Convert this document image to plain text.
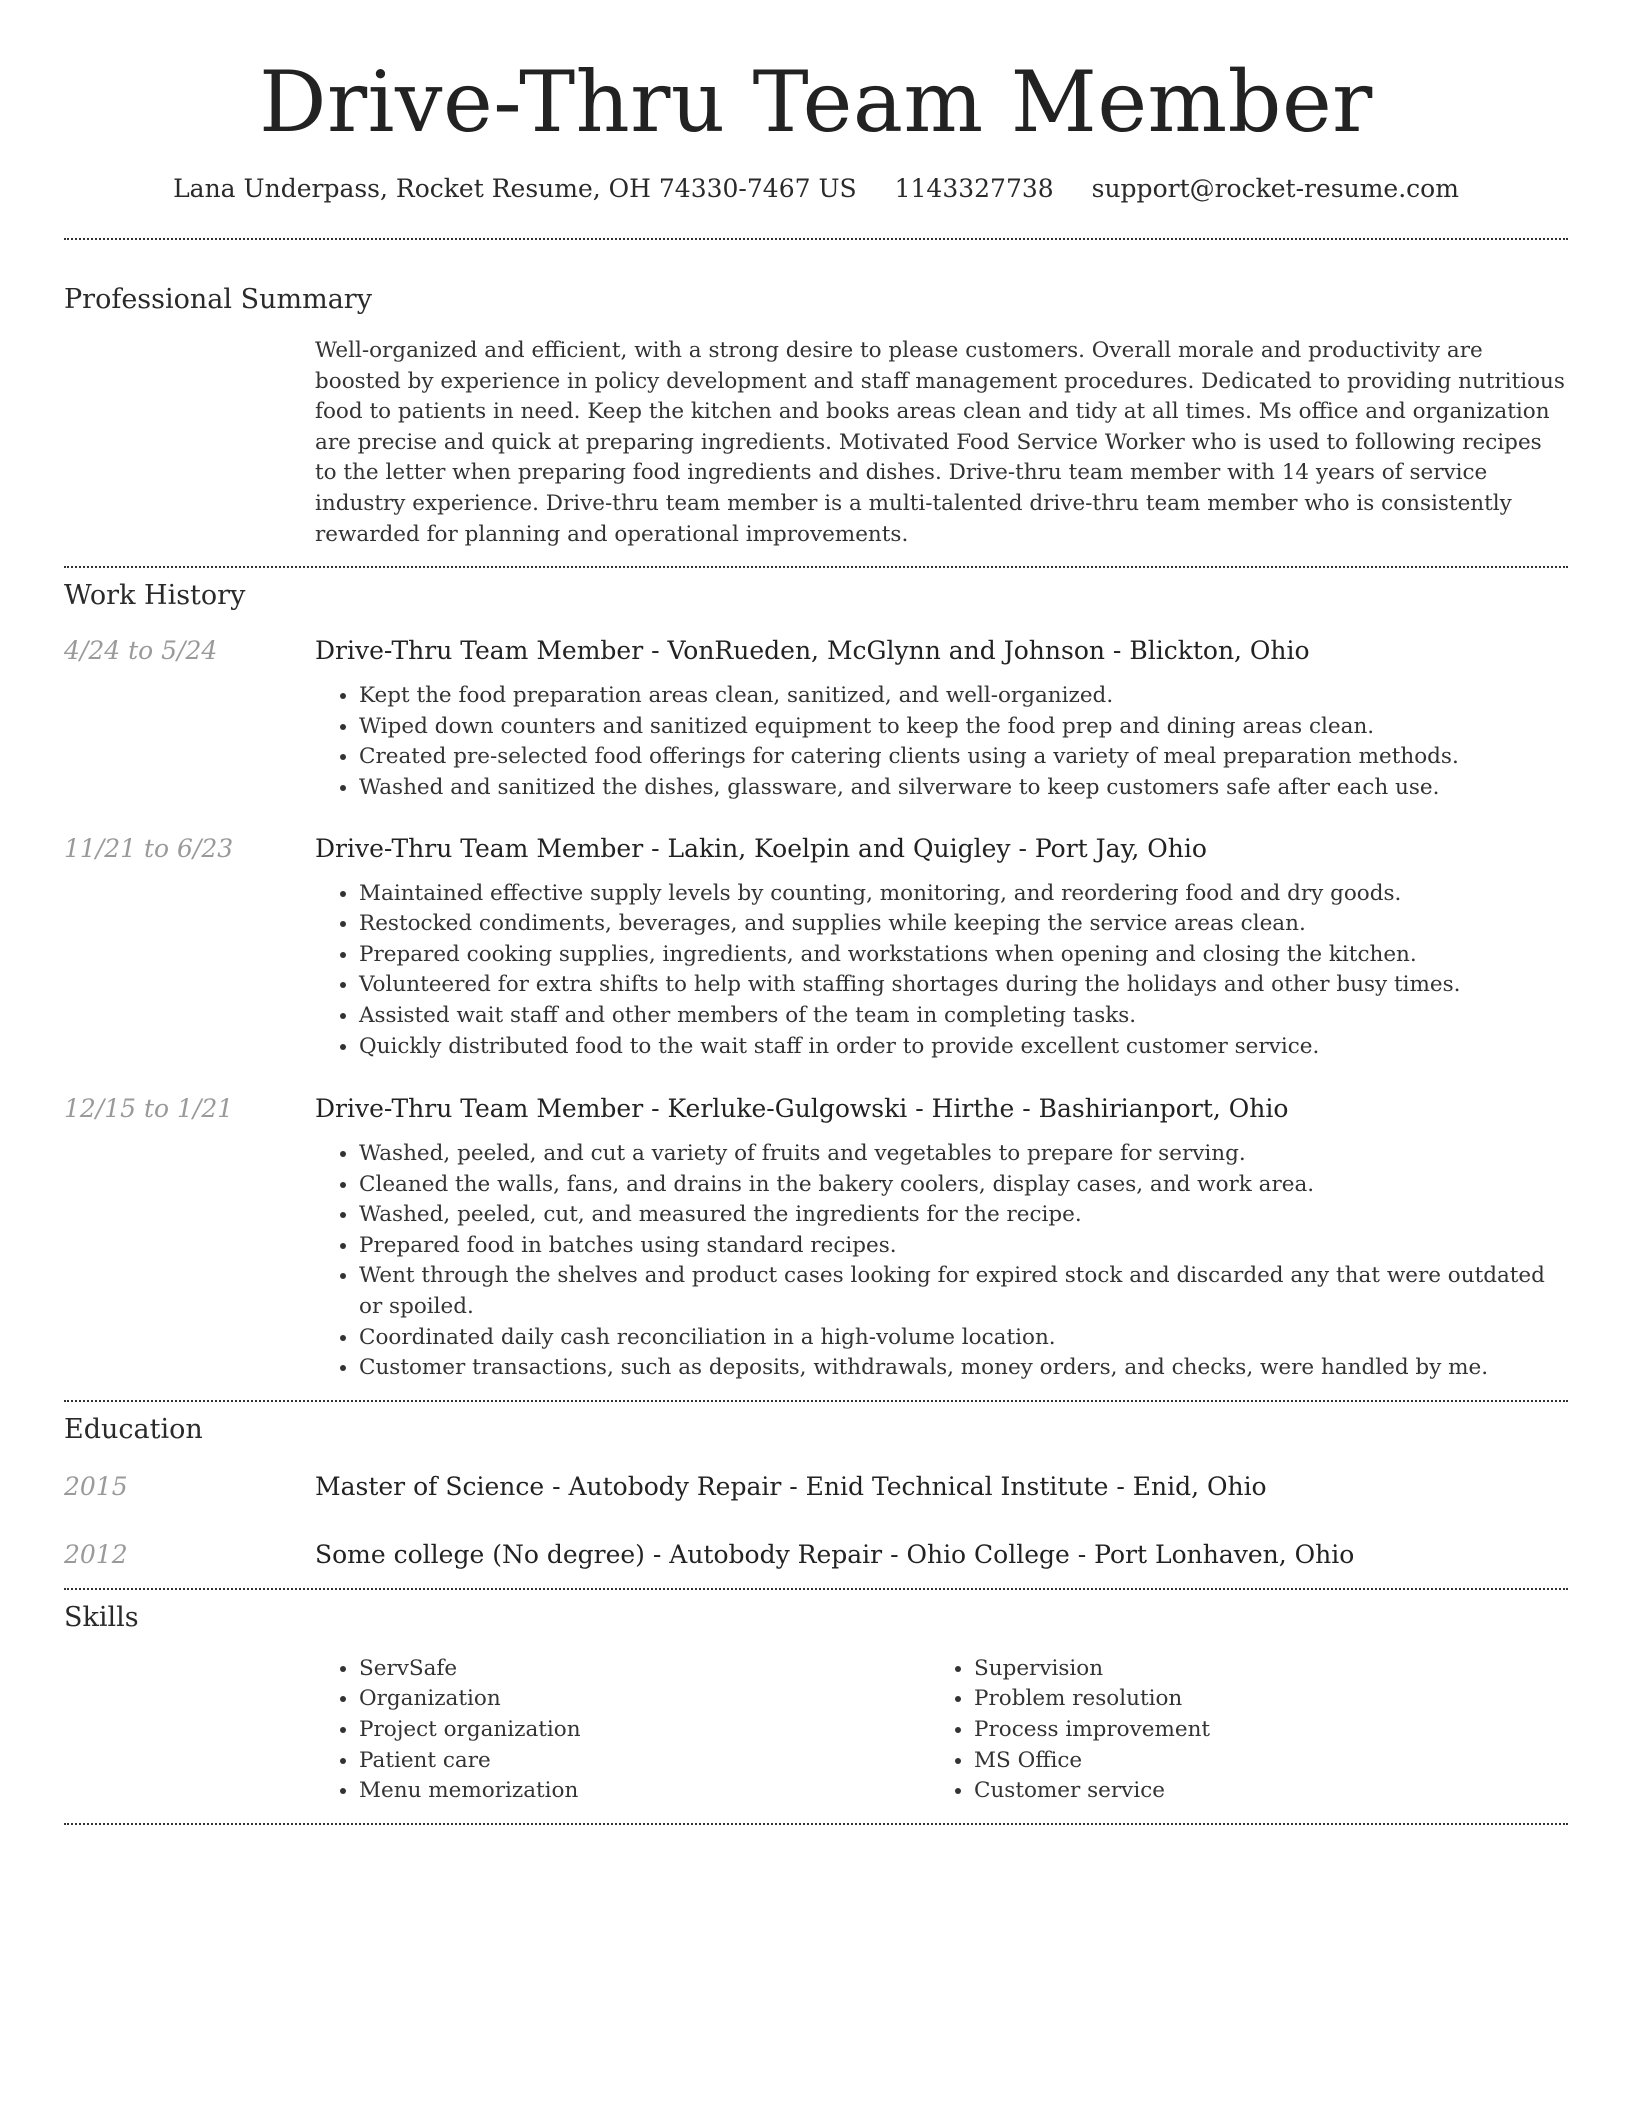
Drive-Thru Team Member
Lana Underpass, Rocket Resume, OH 74330-7467 US 1143327738 support@rocket-resume.com
Professional Summary
Well-organized and efficient, with a strong desire to please customers. Overall morale and productivity are boosted by experience in policy development and staff management procedures. Dedicated to providing nutritious food to patients in need. Keep the kitchen and books areas clean and tidy at all times. Ms office and organization are precise and quick at preparing ingredients. Motivated Food Service Worker who is used to following recipes to the letter when preparing food ingredients and dishes. Drive-thru team member with 14 years of service industry experience. Drive-thru team member is a multi-talented drive-thru team member who is consistently rewarded for planning and operational improvements.
Work History
4/24 to 5/24	Drive-Thru Team Member - VonRueden, McGlynn and Johnson - Blickton, Ohio
• Kept the food preparation areas clean, sanitized, and well-organized.
• Wiped down counters and sanitized equipment to keep the food prep and dining areas clean.
• Created pre-selected food offerings for catering clients using a variety of meal preparation methods.
• Washed and sanitized the dishes, glassware, and silverware to keep customers safe after each use.
11/21 to 6/23	Drive-Thru Team Member - Lakin, Koelpin and Quigley - Port Jay, Ohio
• Maintained effective supply levels by counting, monitoring, and reordering food and dry goods.
• Restocked condiments, beverages, and supplies while keeping the service areas clean.
• Prepared cooking supplies, ingredients, and workstations when opening and closing the kitchen.
• Volunteered for extra shifts to help with staffing shortages during the holidays and other busy times.
• Assisted wait staff and other members of the team in completing tasks.
• Quickly distributed food to the wait staff in order to provide excellent customer service.
12/15 to 1/21	Drive-Thru Team Member - Kerluke-Gulgowski - Hirthe - Bashirianport, Ohio
• Washed, peeled, and cut a variety of fruits and vegetables to prepare for serving.
• Cleaned the walls, fans, and drains in the bakery coolers, display cases, and work area.
• Washed, peeled, cut, and measured the ingredients for the recipe.
• Prepared food in batches using standard recipes.
• Went through the shelves and product cases looking for expired stock and discarded any that were outdated or spoiled.
• Coordinated daily cash reconciliation in a high-volume location.
• Customer transactions, such as deposits, withdrawals, money orders, and checks, were handled by me.
Education
2015	Master of Science - Autobody Repair - Enid Technical Institute - Enid, Ohio
2012	Some college (No degree) - Autobody Repair - Ohio College - Port Lonhaven, Ohio
Skills
• ServSafe
• Organization
• Project organization
• Patient care
• Menu memorization
• Supervision
• Problem resolution
• Process improvement
• MS Office
• Customer service
